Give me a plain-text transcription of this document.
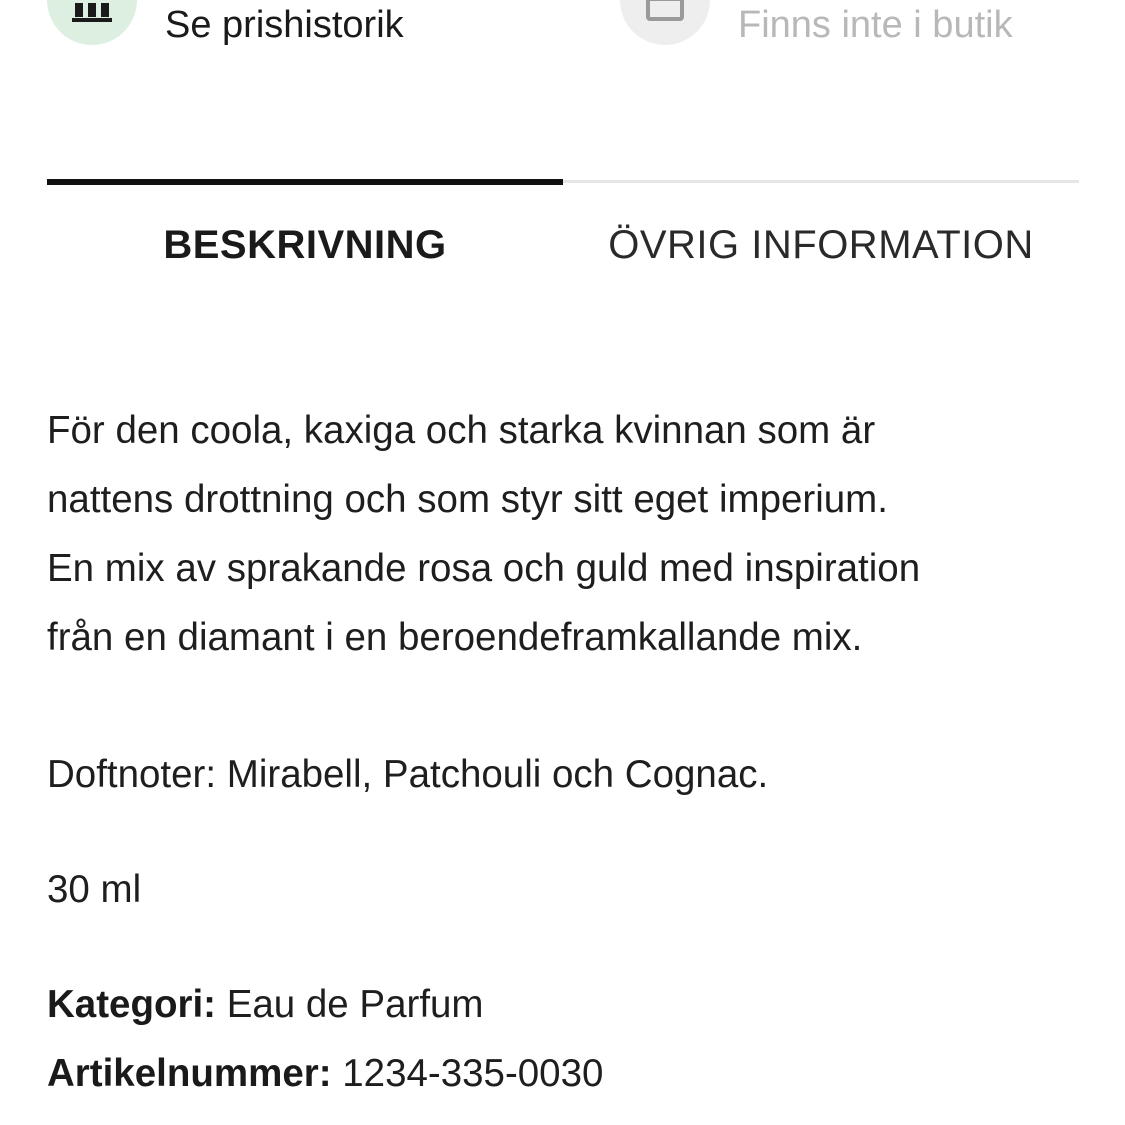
Se prishistorik	Finns inte i butik
BESKRIVNING	ÖVRIG INFORMATION
För den coola, kaxiga och starka kvinnan som är
nattens drottning och som styr sitt eget imperium.
En mix av sprakande rosa och guld med inspiration
från en diamant i en beroendeframkallande mix.

Doftnoter: Mirabell, Patchouli och Cognac.

30 ml

Kategori: Eau de Parfum

Artikelnummer: 1234-335-0030
